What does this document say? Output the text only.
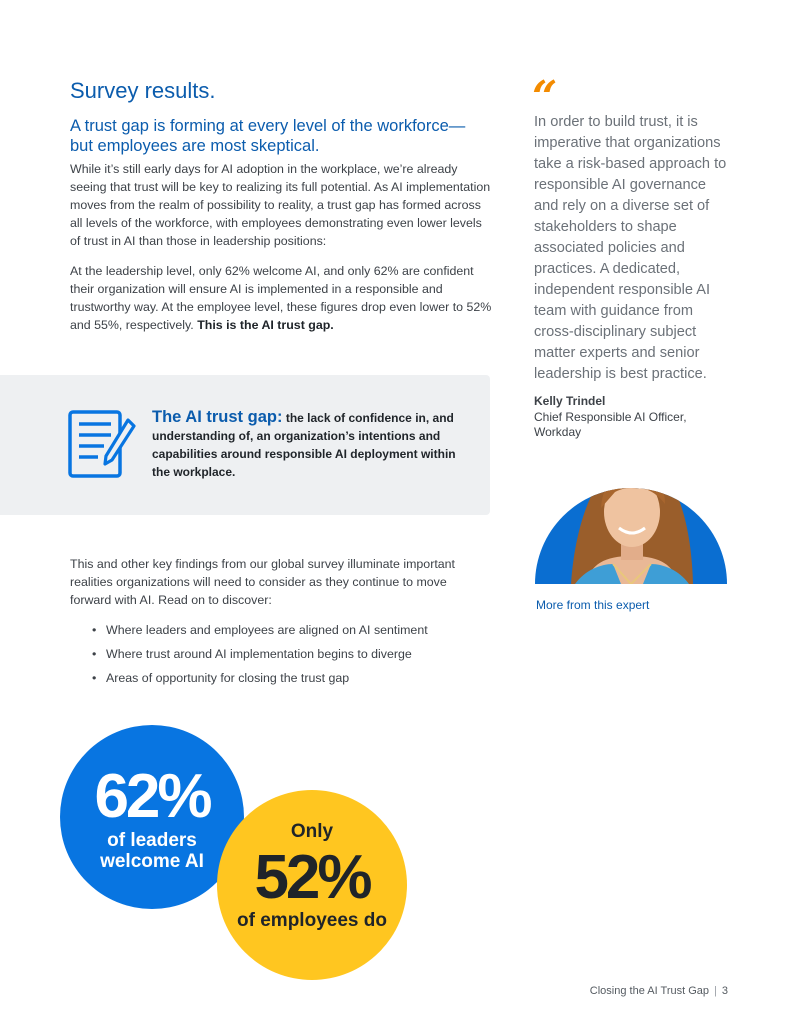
Survey results.
A trust gap is forming at every level of the workforce— but employees are most skeptical.

While it’s still early days for AI adoption in the workplace, we’re already seeing that trust will be key to realizing its full potential. As AI implementation moves from the realm of possibility to reality, a trust gap has formed across all levels of the workforce, with employees demonstrating even lower levels of trust in AI than those in leadership positions:

At the leadership level, only 62% welcome AI, and only 62% are confident their organization will ensure AI is implemented in a responsible and trustworthy way. At the employee level, these figures drop even lower to 52% and 55%, respectively. This is the AI trust gap.

The AI trust gap: the lack of confidence in, and understanding of, an organization’s intentions and capabilities around responsible AI deployment within the workplace.

This and other key findings from our global survey illuminate important realities organizations will need to consider as they continue to move forward with AI. Read on to discover:

• Where leaders and employees are aligned on AI sentiment
• Where trust around AI implementation begins to diverge
• Areas of opportunity for closing the trust gap
“

In order to build trust, it is imperative that organizations take a risk-based approach to responsible AI governance and rely on a diverse set of stakeholders to shape associated policies and practices. A dedicated, independent responsible AI team with guidance from cross-disciplinary subject matter experts and senior leadership is best practice.

Kelly Trindel
Chief Responsible AI Officer, Workday
More from this expert
62%
of leaders
welcome AI
Only
52%
of employees do
Closing the AI Trust Gap | 3
